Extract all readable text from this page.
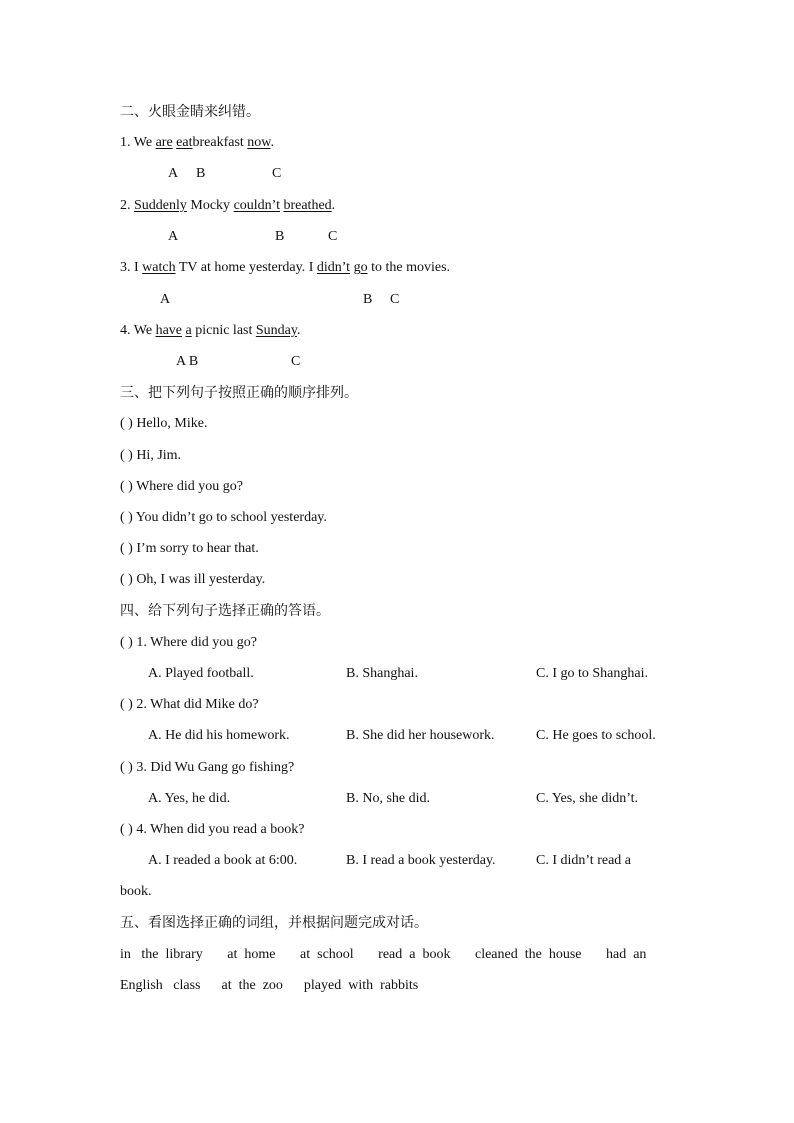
二、火眼金睛来纠错。
1. We are eatbreakfast now.
A B	C
2. Suddenly Mocky couldn’t breathed.
A	B	C
3. I watch TV at home yesterday. I didn’t go to the movies.
A	B C
4. We have a picnic last Sunday.
A B	C
三、把下列句子按照正确的顺序排列。
( ) Hello, Mike.
( ) Hi, Jim.
( ) Where did you go?
( ) You didn’t go to school yesterday.
( ) I’m sorry to hear that.
( ) Oh, I was ill yesterday.
四、给下列句子选择正确的答语。
( ) 1. Where did you go?
A. Played football.	B. Shanghai.	C. I go to Shanghai.
( ) 2. What did Mike do?
A. He did his homework.	B. She did her housework.	C. He goes to school.
( ) 3. Did Wu Gang go fishing?
A. Yes, he did.	B. No, she did.	C. Yes, she didn’t.
( ) 4. When did you read a book?
A. I readed a book at 6:00.	B. I read a book yesterday.	C. I didn’t read a
book.
五、看图选择正确的词组，并根据问题完成对话。
in   the  library       at  home       at  school       read  a  book       cleaned  the  house       had  an
English   class      at  the  zoo      played  with  rabbits
